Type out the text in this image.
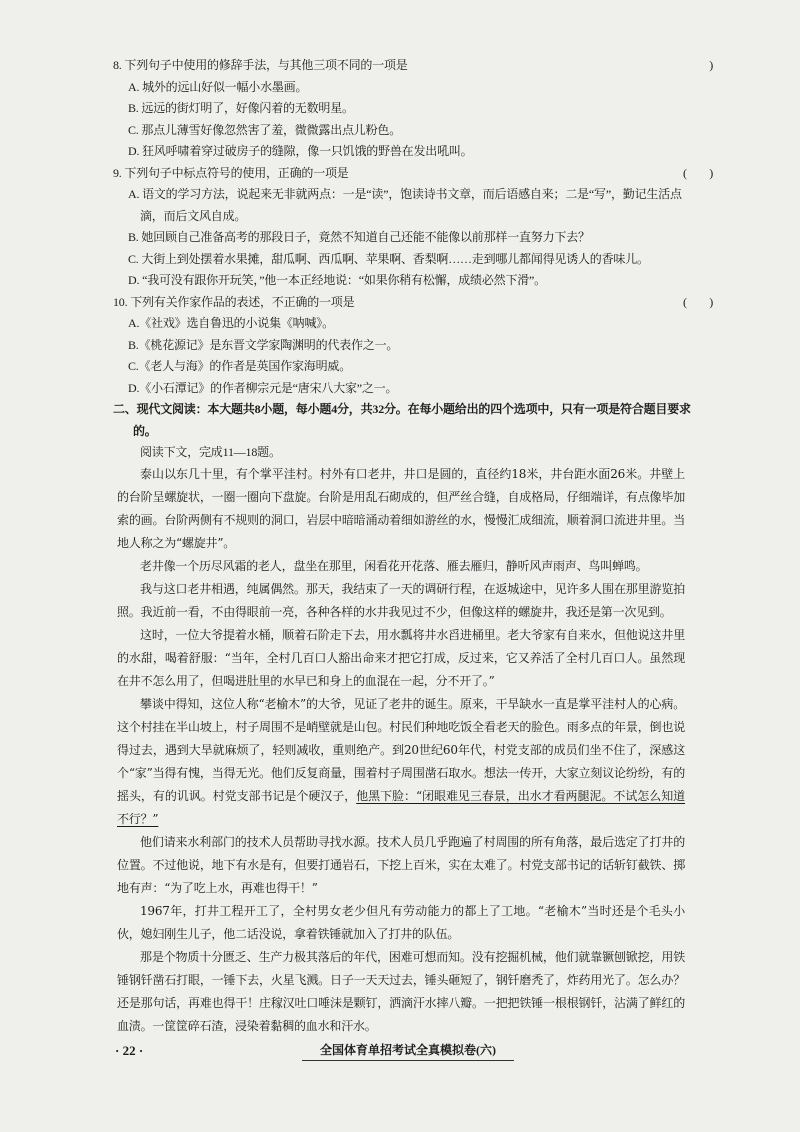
8. 下列句子中使用的修辞手法，与其他三项不同的一项是	)
A. 城外的远山好似一幅小水墨画。
B. 远远的街灯明了，好像闪着的无数明星。
C. 那点儿薄雪好像忽然害了羞，微微露出点儿粉色。
D. 狂风呼啸着穿过破房子的缝隙，像一只饥饿的野兽在发出吼叫。
9. 下列句子中标点符号的使用，正确的一项是	(        )
A. 语文的学习方法，说起来无非就两点：一是“读”，饱读诗书文章，而后语感自来；二是“写”，勤记生活点滴，而后文风自成。
B. 她回顾自己准备高考的那段日子，竟然不知道自己还能不能像以前那样一直努力下去？
C. 大街上到处摆着水果摊，甜瓜啊、西瓜啊、苹果啊、香梨啊……走到哪儿都闻得见诱人的香味儿。
D. “我可没有跟你开玩笑，”他一本正经地说：“如果你稍有松懈，成绩必然下滑”。
10. 下列有关作家作品的表述，不正确的一项是	(        )
A.《社戏》选自鲁迅的小说集《呐喊》。
B.《桃花源记》是东晋文学家陶渊明的代表作之一。
C.《老人与海》的作者是英国作家海明威。
D.《小石潭记》的作者柳宗元是“唐宋八大家”之一。
二、现代文阅读：本大题共8小题，每小题4分，共32分。在每小题给出的四个选项中，只有一项是符合题目要求的。
阅读下文，完成11—18题。

泰山以东几十里，有个掌平洼村。村外有口老井，井口是圆的，直径约18米，井台距水面26米。井壁上的台阶呈螺旋状，一圈一圈向下盘旋。台阶是用乱石砌成的，但严丝合缝，自成格局，仔细端详，有点像毕加索的画。台阶两侧有不规则的洞口，岩层中暗暗涌动着细如游丝的水，慢慢汇成细流，顺着洞口流进井里。当地人称之为“螺旋井”。

老井像一个历尽风霜的老人，盘坐在那里，闲看花开花落、雁去雁归，静听风声雨声、鸟叫蝉鸣。

我与这口老井相遇，纯属偶然。那天，我结束了一天的调研行程，在返城途中，见许多人围在那里游览拍照。我近前一看，不由得眼前一亮，各种各样的水井我见过不少，但像这样的螺旋井，我还是第一次见到。

这时，一位大爷提着水桶，顺着石阶走下去，用水瓢将井水舀进桶里。老大爷家有自来水，但他说这井里的水甜，喝着舒服：“当年，全村几百口人豁出命来才把它打成，反过来，它又养活了全村几百口人。虽然现在井不怎么用了，但喝进肚里的水早已和身上的血混在一起，分不开了。”

攀谈中得知，这位人称“老榆木”的大爷，见证了老井的诞生。原来，干旱缺水一直是掌平洼村人的心病。这个村挂在半山坡上，村子周围不是峭壁就是山包。村民们种地吃饭全看老天的脸色。雨多点的年景，倒也说得过去，遇到大旱就麻烦了，轻则减收，重则绝产。到20世纪60年代，村党支部的成员们坐不住了，深感这个“家”当得有愧，当得无光。他们反复商量，围着村子周围凿石取水。想法一传开，大家立刻议论纷纷，有的摇头，有的讥讽。村党支部书记是个硬汉子，他黑下脸：“闭眼难见三春景，出水才看两腿泥。不试怎么知道不行？”

他们请来水利部门的技术人员帮助寻找水源。技术人员几乎跑遍了村周围的所有角落，最后选定了打井的位置。不过他说，地下有水是有，但要打通岩石，下挖上百米，实在太难了。村党支部书记的话斩钉截铁、掷地有声：“为了吃上水，再难也得干！”

1967年，打井工程开工了，全村男女老少但凡有劳动能力的都上了工地。“老榆木”当时还是个毛头小伙，媳妇刚生儿子，他二话没说，拿着铁锤就加入了打井的队伍。

那是个物质十分匮乏、生产力极其落后的年代，困难可想而知。没有挖掘机械，他们就靠镢刨锨挖，用铁锤钢钎凿石打眼，一锤下去，火星飞溅。日子一天天过去，锤头砸短了，钢钎磨秃了，炸药用光了。怎么办？还是那句话，再难也得干！庄稼汉吐口唾沫是颗钉，洒滴汗水摔八瓣。一把把铁锤一根根钢钎，沾满了鲜红的血渍。一筐筐碎石渣，浸染着黏稠的血水和汗水。

· 22 ·	全国体育单招考试全真模拟卷(六)
